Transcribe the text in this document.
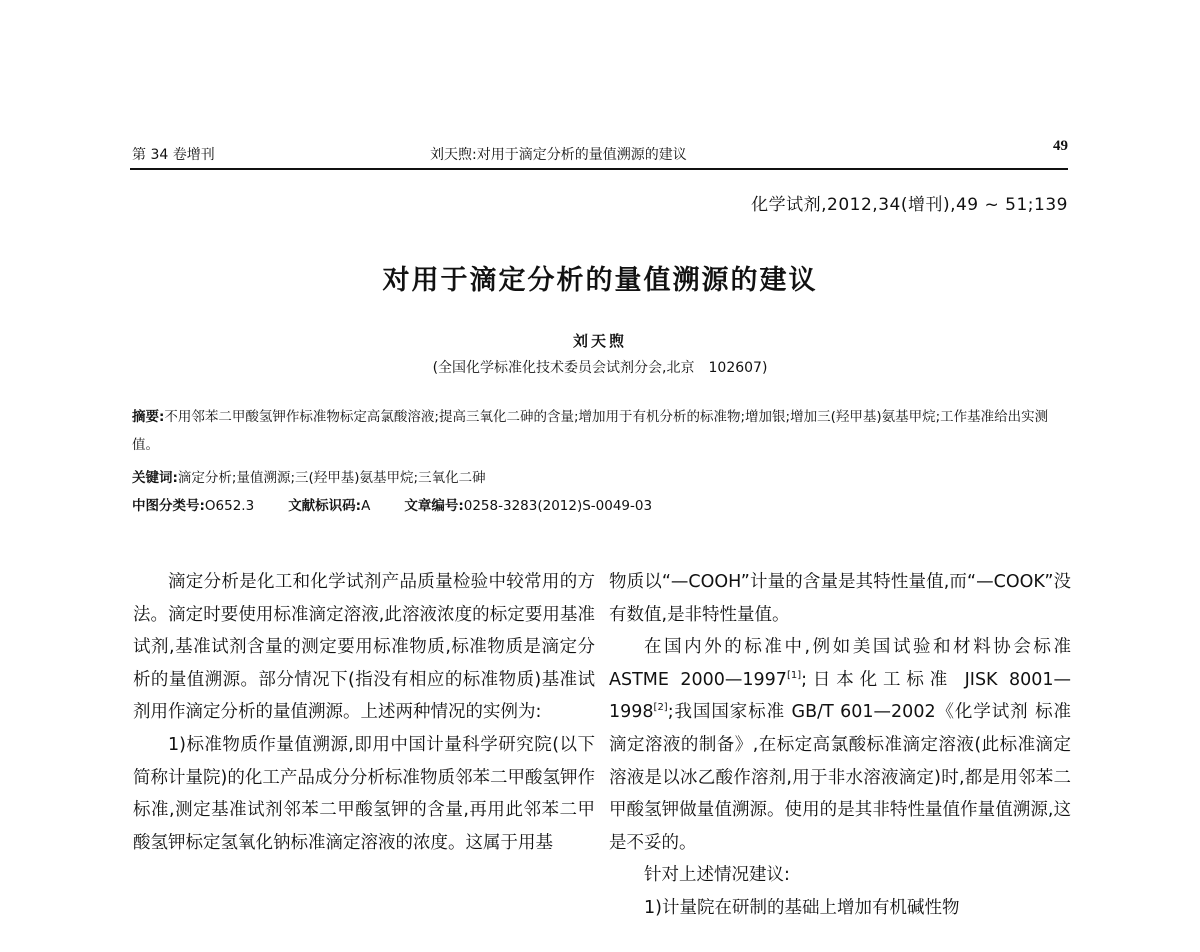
第 34 卷增刊	刘天煦:对用于滴定分析的量值溯源的建议
49
化学试剂,2012,34(增刊),49 ~ 51;139
对用于滴定分析的量值溯源的建议
刘天煦
(全国化学标准化技术委员会试剂分会,北京 102607)
摘要:不用邻苯二甲酸氢钾作标准物标定高氯酸溶液;提高三氧化二砷的含量;增加用于有机分析的标准物;增加银;增加三(羟甲基)氨基甲烷;工作基准给出实测值。
关键词:滴定分析;量值溯源;三(羟甲基)氨基甲烷;三氧化二砷
中图分类号:O652.3	文献标识码:A	文章编号:0258-3283(2012)S-0049-03

滴定分析是化工和化学试剂产品质量检验中较常用的方法。滴定时要使用标准滴定溶液,此溶液浓度的标定要用基准试剂,基准试剂含量的测定要用标准物质,标准物质是滴定分析的量值溯源。部分情况下(指没有相应的标准物质)基准试剂用作滴定分析的量值溯源。上述两种情况的实例为:

1)标准物质作量值溯源,即用中国计量科学研究院(以下简称计量院)的化工产品成分分析标准物质邻苯二甲酸氢钾作标准,测定基准试剂邻苯二甲酸氢钾的含量,再用此邻苯二甲酸氢钾标定氢氧化钠标准滴定溶液的浓度。这属于用基

物质以“—COOH”计量的含量是其特性量值,而“—COOK”没有数值,是非特性量值。

在国内外的标准中,例如美国试验和材料协会标准 ASTME 2000—1997[1];日本化工标准 JISK 8001—1998[2];我国国家标准 GB/T 601—2002《化学试剂 标准滴定溶液的制备》,在标定高氯酸标准滴定溶液(此标准滴定溶液是以冰乙酸作溶剂,用于非水溶液滴定)时,都是用邻苯二甲酸氢钾做量值溯源。使用的是其非特性量值作量值溯源,这是不妥的。

针对上述情况建议:

1)计量院在研制的基础上增加有机碱性物
